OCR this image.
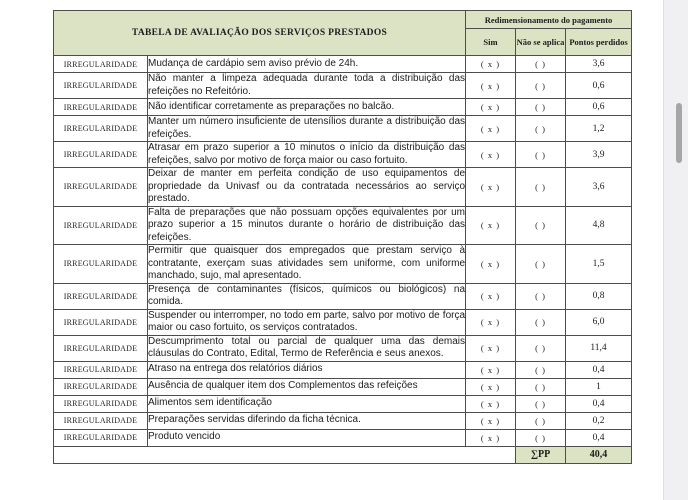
TABELA DE AVALIAÇÃO DOS SERVIÇOS PRESTADOS		Redimensionamento do pagamento		
		Sim	Não se aplica	Pontos perdidos
IRREGULARIDADE	Mudança de cardápio sem aviso prévio de 24h.	( x )	( )	3,6
IRREGULARIDADE	Não manter a limpeza adequada durante toda a distribuição das refeições no Refeitório.	( x )	( )	0,6
IRREGULARIDADE	Não identificar corretamente as preparações no balcão.	( x )	( )	0,6
IRREGULARIDADE	Manter um número insuficiente de utensílios durante a distribuição das refeições.	( x )	( )	1,2
IRREGULARIDADE	Atrasar em prazo superior a 10 minutos o início da distribuição das refeições, salvo por motivo de força maior ou caso fortuito.	( x )	( )	3,9
IRREGULARIDADE	Deixar de manter em perfeita condição de uso equipamentos de propriedade da Univasf ou da contratada necessários ao serviço prestado.	( x )	( )	3,6
IRREGULARIDADE	Falta de preparações que não possuam opções equivalentes por um prazo superior a 15 minutos durante o horário de distribuição das refeições.	( x )	( )	4,8
IRREGULARIDADE	Permitir que quaisquer dos empregados que prestam serviço à contratante, exerçam suas atividades sem uniforme, com uniforme manchado, sujo, mal apresentado.	( x )	( )	1,5
IRREGULARIDADE	Presença de contaminantes (físicos, químicos ou biológicos) na comida.	( x )	( )	0,8
IRREGULARIDADE	Suspender ou interromper, no todo em parte, salvo por motivo de força maior ou caso fortuito, os serviços contratados.	( x )	( )	6,0
IRREGULARIDADE	Descumprimento total ou parcial de qualquer uma das demais cláusulas do Contrato, Edital, Termo de Referência e seus anexos.	( x )	( )	11,4
IRREGULARIDADE	Atraso na entrega dos relatórios diários	( x )	( )	0,4
IRREGULARIDADE	Ausência de qualquer item dos Complementos das refeições	( x )	( )	1
IRREGULARIDADE	Alimentos sem identificação	( x )	( )	0,4
IRREGULARIDADE	Preparações servidas diferindo da ficha técnica.	( x )	( )	0,2
IRREGULARIDADE	Produto vencido	( x )	( )	0,4
			∑PP	40,4
